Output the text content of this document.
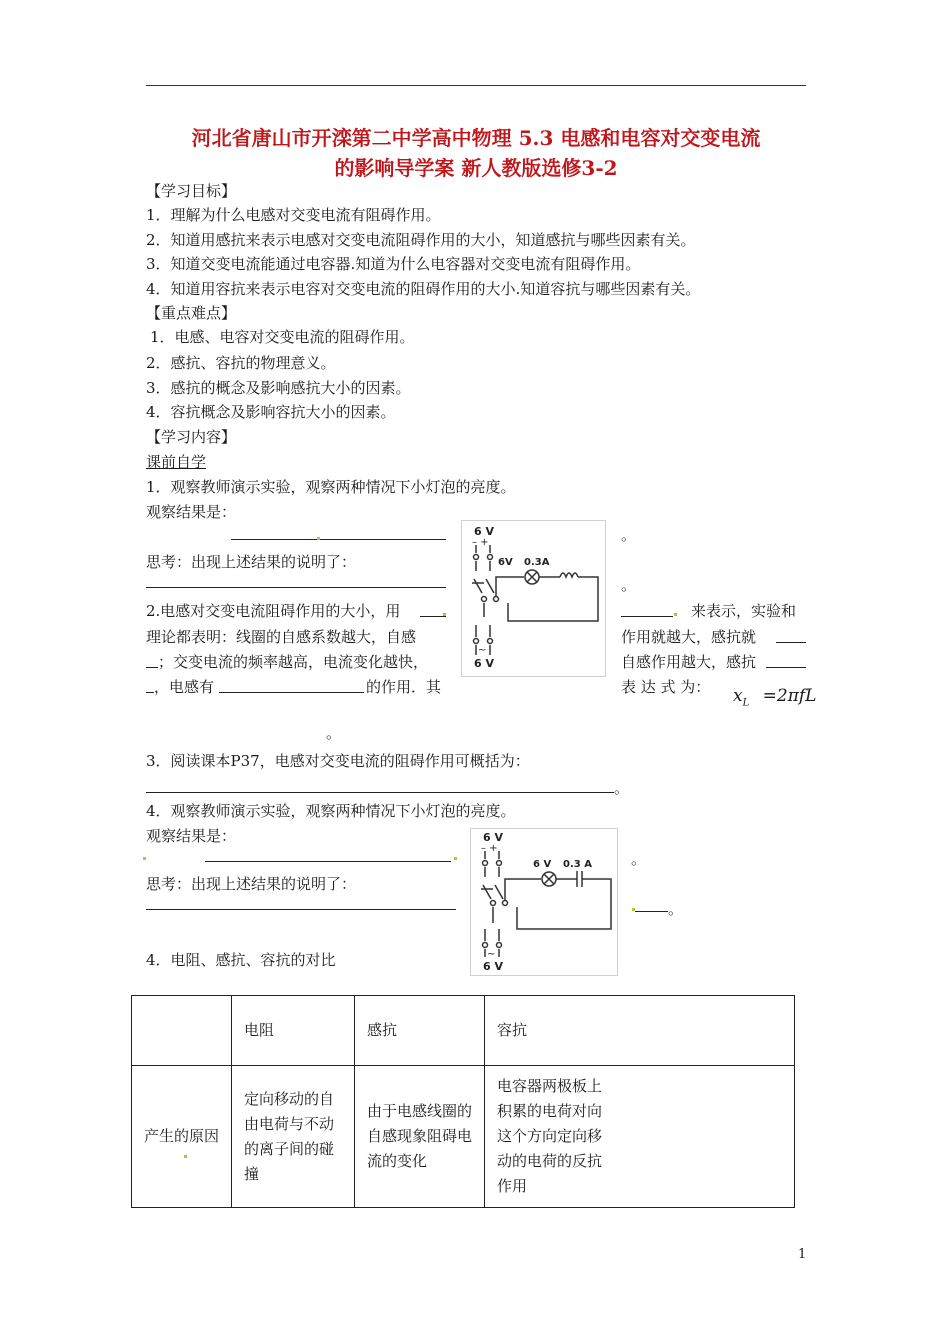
河北省唐山市开滦第二中学高中物理 5.3 电感和电容对交变电流
的影响导学案 新人教版选修3-2
【学习目标】
1．理解为什么电感对交变电流有阻碍作用。
2．知道用感抗来表示电感对交变电流阻碍作用的大小，知道感抗与哪些因素有关。
3．知道交变电流能通过电容器.知道为什么电容器对交变电流有阻碍作用。
4．知道用容抗来表示电容对交变电流的阻碍作用的大小.知道容抗与哪些因素有关。
【重点难点】
1．电感、电容对交变电流的阻碍作用。
2．感抗、容抗的物理意义。
3．感抗的概念及影响感抗大小的因素。
4．容抗概念及影响容抗大小的因素。
【学习内容】
课前自学
1．观察教师演示实验，观察两种情况下小灯泡的亮度。
观察结果是：
。
思考：出现上述结果的说明了：
。
2.电感对交变电流阻碍作用的大小，用	来表示，实验和
理论都表明：线圈的自感系数越大，自感	作用就越大，感抗就
；交变电流的频率越高，电流变化越快，	自感作用越大，感抗
，电感有	的作用．其	表 达 式 为： $x_L =2\pi fL$
。
3．阅读课本P37，电感对交变电流的阻碍作用可概括为：
。
4．观察教师演示实验，观察两种情况下小灯泡的亮度。
观察结果是：
。
思考：出现上述结果的说明了：
。
4．电阻、感抗、容抗的对比
6 V
– +
6V 0.3A
~
6 V
6 V
– +
6 V 0.3 A
~
6 V
	电阻	感抗	容抗
产生的原因	定向移动的自由电荷与不动的离子间的碰撞	由于电感线圈的自感现象阻碍电流的变化	电容器两极板上积累的电荷对向这个方向定向移动的电荷的反抗作用
1
